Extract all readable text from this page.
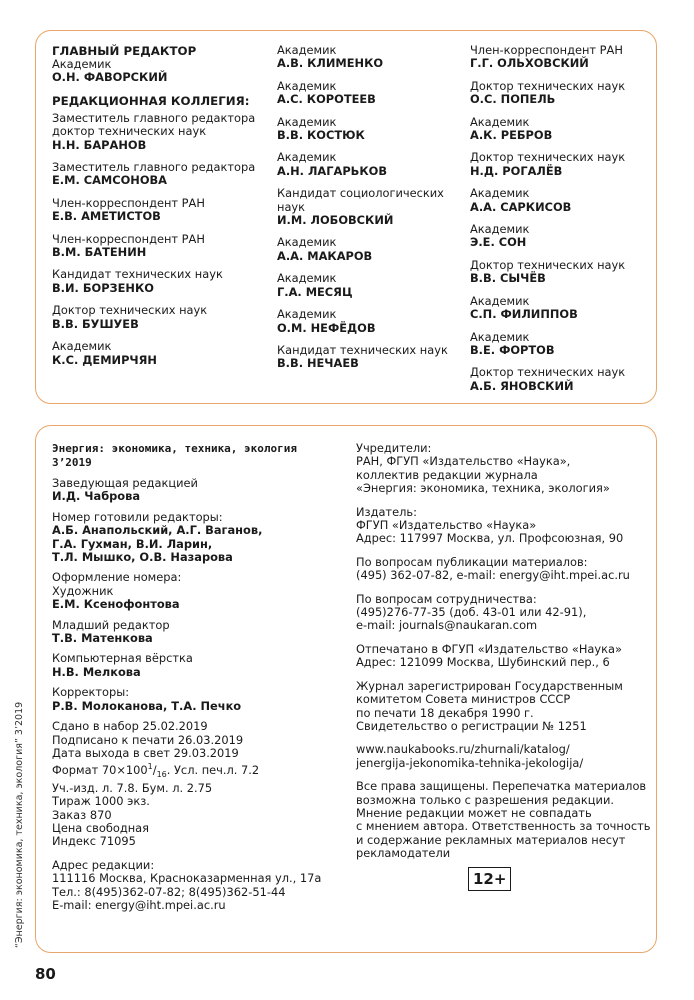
ГЛАВНЫЙ РЕДАКТОР
Академик
О.Н. ФАВОРСКИЙ
РЕДАКЦИОННАЯ КОЛЛЕГИЯ:
Заместитель главного редактора доктор технических наук
Н.Н. БАРАНОВ
Заместитель главного редактора
Е.М. САМСОНОВА
Член-корреспондент РАН
Е.В. АМЕТИСТОВ
Член-корреспондент РАН
В.М. БАТЕНИН
Кандидат технических наук
В.И. БОРЗЕНКО
Доктор технических наук
В.В. БУШУЕВ
Академик
К.С. ДЕМИРЧЯН
Академик
А.В. КЛИМЕНКО
Академик
А.С. КОРОТЕЕВ
Академик
В.В. КОСТЮК
Академик
А.Н. ЛАГАРЬКОВ
Кандидат социологических наук
И.М. ЛОБОВСКИЙ
Академик
А.А. МАКАРОВ
Академик
Г.А. МЕСЯЦ
Академик
О.М. НЕФЁДОВ
Кандидат технических наук
В.В. НЕЧАЕВ
Член-корреспондент РАН
Г.Г. ОЛЬХОВСКИЙ
Доктор технических наук
О.С. ПОПЕЛЬ
Академик
А.К. РЕБРОВ
Доктор технических наук
Н.Д. РОГАЛЁВ
Академик
А.А. САРКИСОВ
Академик
Э.Е. СОН
Доктор технических наук
В.В. СЫЧЁВ
Академик
С.П. ФИЛИППОВ
Академик
В.Е. ФОРТОВ
Доктор технических наук
А.Б. ЯНОВСКИЙ
Энергия: экономика, техника, экология
3’2019
Заведующая редакцией
И.Д. Чаброва
Номер готовили редакторы:
А.Б. Анапольский, А.Г. Ваганов,
Г.А. Гухман, В.И. Ларин,
Т.Л. Мышко, О.В. Назарова
Оформление номера:
Художник
Е.М. Ксенофонтова
Младший редактор
Т.В. Матенкова
Компьютерная вёрстка
Н.В. Мелкова
Корректоры:
Р.В. Молоканова, Т.А. Печко
Сдано в набор 25.02.2019
Подписано к печати 26.03.2019
Дата выхода в свет 29.03.2019
Формат $70\times 100^1/_{16}$. Усл. печ.л. 7.2
Уч.-изд. л. 7.8. Бум. л. 2.75
Тираж 1000 экз.
Заказ 870
Цена свободная
Индекс 71095
Адрес редакции:
111116 Москва, Красноказарменная ул., 17а
Тел.: 8(495)362-07-82; 8(495)362-51-44
E-mail: energy@iht.mpei.ac.ru
Учредители:
РАН, ФГУП «Издательство «Наука»,
коллектив редакции журнала
«Энергия: экономика, техника, экология»
Издатель:
ФГУП «Издательство «Наука»
Адрес: 117997 Москва, ул. Профсоюзная, 90
По вопросам публикации материалов:
(495) 362-07-82, e-mail: energy@iht.mpei.ac.ru
По вопросам сотрудничества:
(495)276-77-35 (доб. 43-01 или 42-91),
e-mail: journals@naukaran.com
Отпечатано в ФГУП «Издательство «Наука»
Адрес: 121099 Москва, Шубинский пер., 6
Журнал зарегистрирован Государственным
комитетом Совета министров СССР
по печати 18 декабря 1990 г.
Свидетельство о регистрации № 1251
www.naukabooks.ru/zhurnali/katalog/
jenergija-jekonomika-tehnika-jekologija/
Все права защищены. Перепечатка материалов
возможна только с разрешения редакции.
Мнение редакции может не совпадать
с мнением автора. Ответственность за точность
и содержание рекламных материалов несут
рекламодатели
12+
“Энергия: экономика, техника, экология” 3’2019
80
